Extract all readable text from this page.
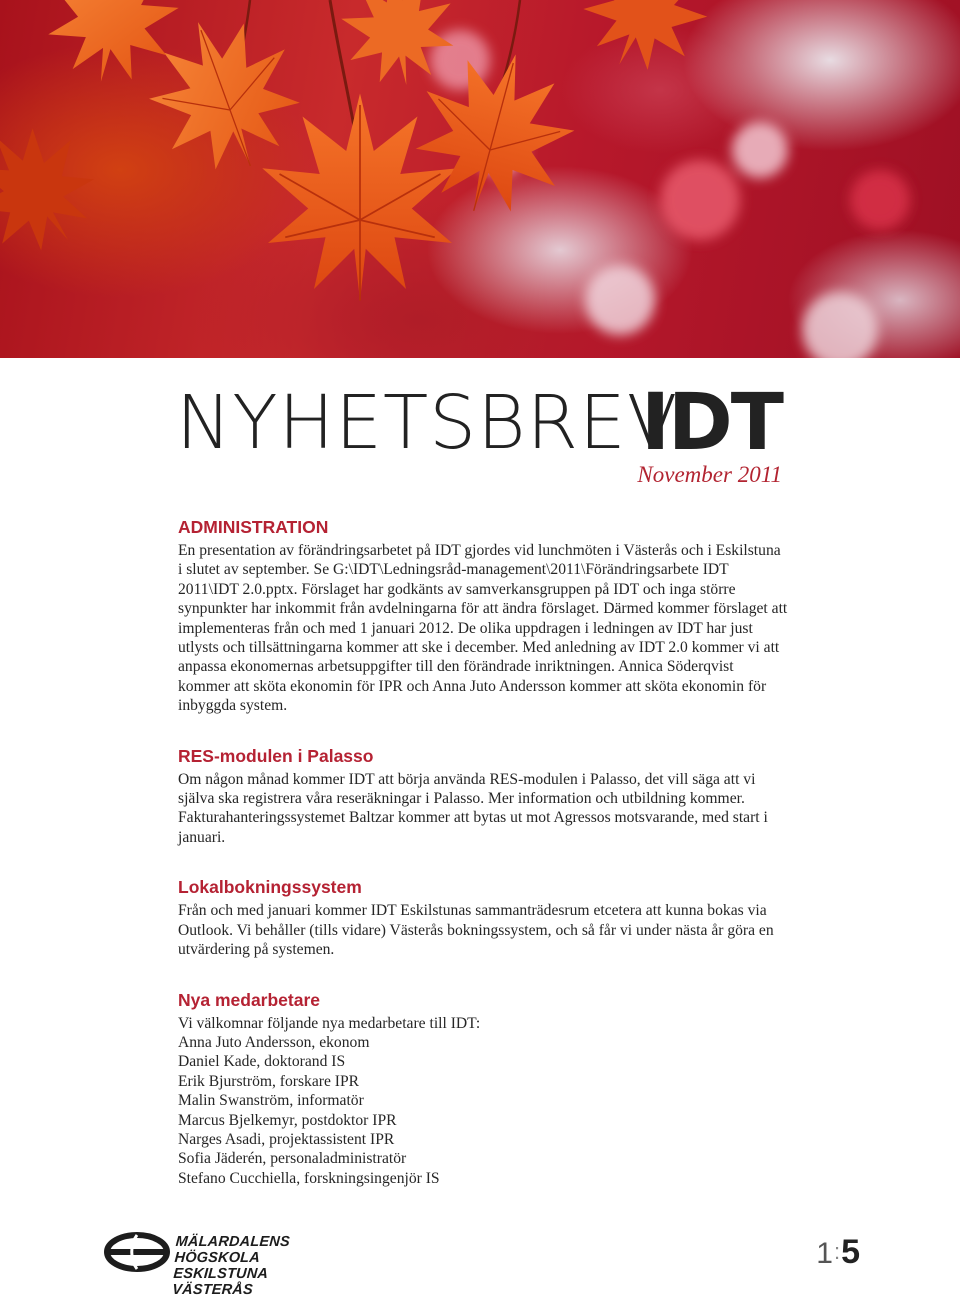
NYHETSBREV
IDT
November 2011
ADMINISTRATION

En presentation av förändringsarbetet på IDT gjordes vid lunchmöten i Västerås och i Eskilstuna i slutet av september. Se G:\IDT\Ledningsråd-management\2011\Förändringsarbete IDT 2011\IDT 2.0.pptx. Förslaget har godkänts av samverkansgruppen på IDT och inga större synpunkter har inkommit från avdelningarna för att ändra förslaget. Därmed kommer förslaget att implementeras från och med 1 januari 2012. De olika uppdragen i ledningen av IDT har just utlysts och tillsättningarna kommer att ske i december. Med anledning av IDT 2.0 kommer vi att anpassa ekonomernas arbetsuppgifter till den förändrade inriktningen. Annica Söderqvist kommer att sköta ekonomin för IPR och Anna Juto Andersson kommer att sköta ekonomin för inbyggda system.

RES-modulen i Palasso

Om någon månad kommer IDT att börja använda RES-modulen i Palasso, det vill säga att vi själva ska registrera våra reseräkningar i Palasso. Mer information och utbildning kommer. Fakturahanteringssystemet Baltzar kommer att bytas ut mot Agressos motsvarande, med start i januari.

Lokalbokningssystem

Från och med januari kommer IDT Eskilstunas sammanträdesrum etcetera att kunna bokas via Outlook. Vi behåller (tills vidare) Västerås bokningssystem, och så får vi under nästa år göra en utvärdering på systemen.

Nya medarbetare

Vi välkomnar följande nya medarbetare till IDT:

Anna Juto Andersson, ekonom
Daniel Kade, doktorand IS
Erik Bjurström, forskare IPR
Malin Swanström, informatör
Marcus Bjelkemyr, postdoktor IPR
Narges Asadi, projektassistent IPR
Sofia Jäderén, personaladministratör
Stefano Cucchiella, forskningsingenjör IS
MÄLARDALENS HÖGSKOLA
ESKILSTUNA VÄSTERÅS
1:5
